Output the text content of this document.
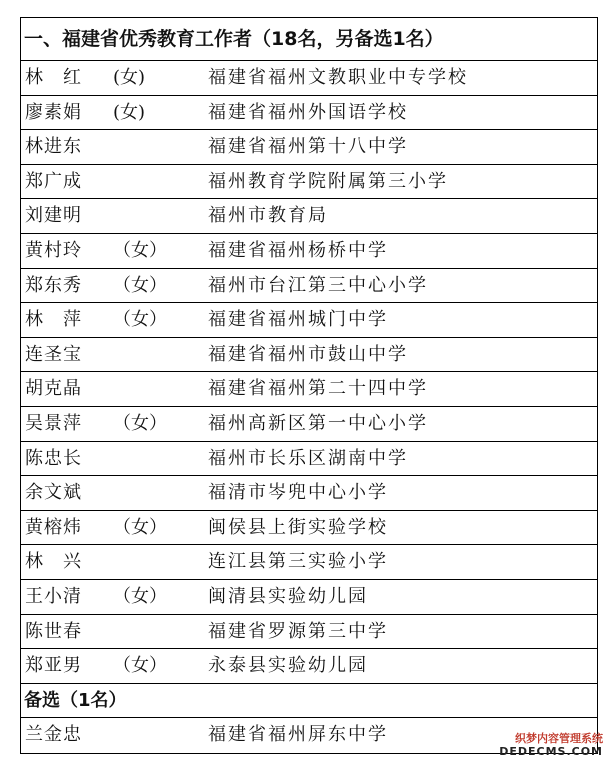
一、福建省优秀教育工作者（18名，另备选1名）
林　红 (女)	福建省福州文教职业中专学校
廖素娟 (女)	福建省福州外国语学校
林进东	福建省福州第十八中学
郑广成	福州教育学院附属第三小学
刘建明	福州市教育局
黄村玲 （女） 福建省福州杨桥中学
郑东秀 （女） 福州市台江第三中心小学
林　萍 （女） 福建省福州城门中学
连圣宝	福建省福州市鼓山中学
胡克晶	福建省福州第二十四中学
吴景萍 （女） 福州高新区第一中心小学
陈忠长	福州市长乐区湖南中学
余文斌	福清市岑兜中心小学
黄榕炜 （女） 闽侯县上街实验学校
林　兴	连江县第三实验小学
王小清 （女） 闽清县实验幼儿园
陈世春	福建省罗源第三中学
郑亚男 （女） 永泰县实验幼儿园
备选（1名）
兰金忠	福建省福州屏东中学	织梦内容管理系统
DEDECMS.COM
